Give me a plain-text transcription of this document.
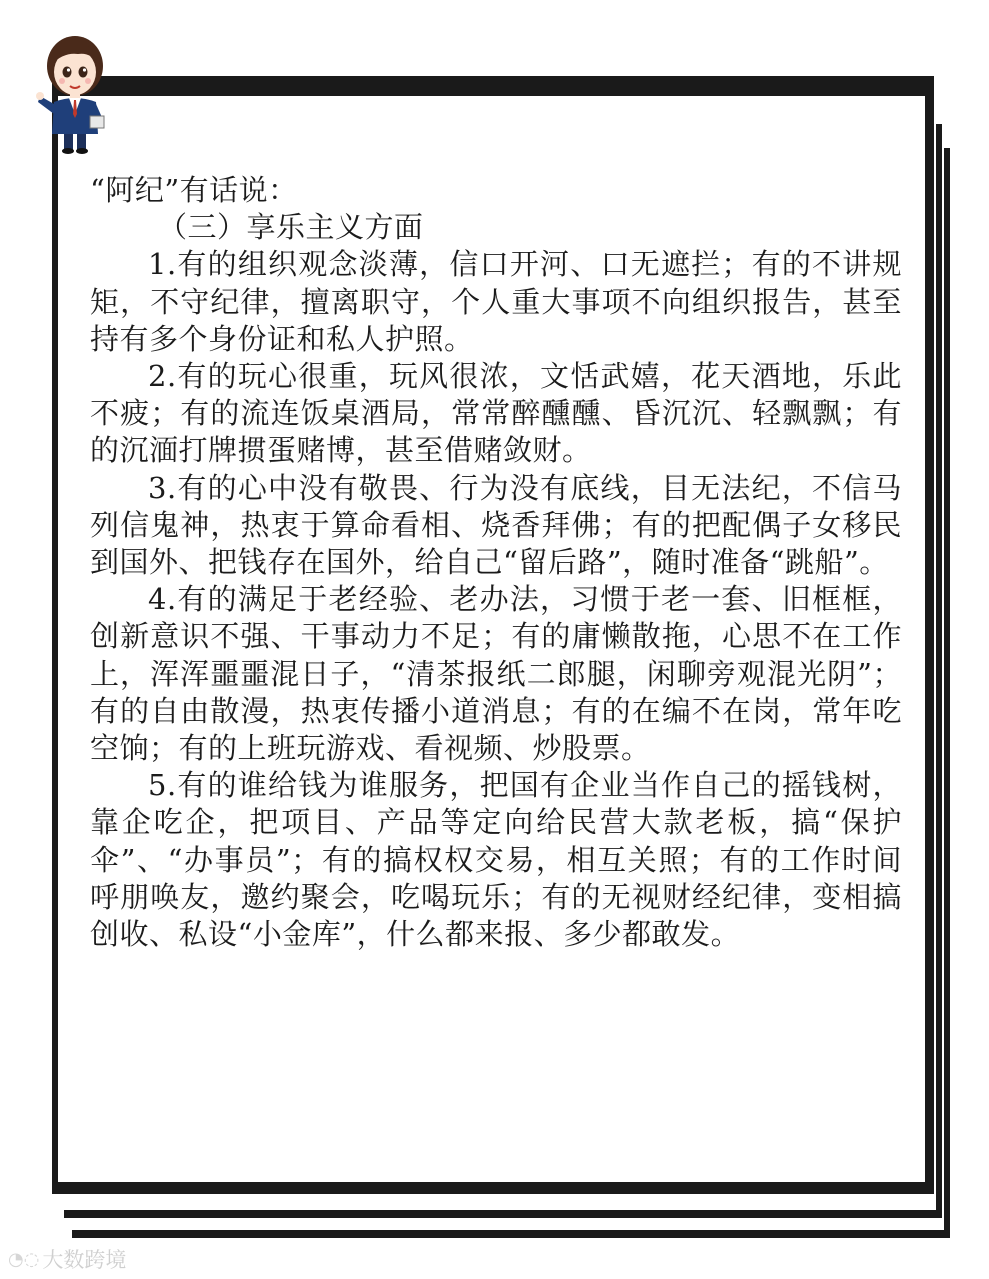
“阿纪”有话说：

（三）享乐主义方面

1.有的组织观念淡薄，信口开河、口无遮拦；有的不讲规矩，不守纪律，擅离职守，个人重大事项不向组织报告，甚至持有多个身份证和私人护照。

2.有的玩心很重，玩风很浓，文恬武嬉，花天酒地，乐此不疲；有的流连饭桌酒局，常常醉醺醺、昏沉沉、轻飘飘；有的沉湎打牌掼蛋赌博，甚至借赌敛财。

3.有的心中没有敬畏、行为没有底线，目无法纪，不信马列信鬼神，热衷于算命看相、烧香拜佛；有的把配偶子女移民到国外、把钱存在国外，给自己“留后路”，随时准备“跳船”。

4.有的满足于老经验、老办法，习惯于老一套、旧框框，创新意识不强、干事动力不足；有的庸懒散拖，心思不在工作上，浑浑噩噩混日子，“清茶报纸二郎腿，闲聊旁观混光阴”；有的自由散漫，热衷传播小道消息；有的在编不在岗，常年吃空饷；有的上班玩游戏、看视频、炒股票。

5.有的谁给钱为谁服务，把国有企业当作自己的摇钱树，靠企吃企，把项目、产品等定向给民营大款老板，搞“保护伞”、“办事员”；有的搞权权交易，相互关照；有的工作时间呼朋唤友，邀约聚会，吃喝玩乐；有的无视财经纪律，变相搞创收、私设“小金库”，什么都来报、多少都敢发。

◔◌ 大数跨境
